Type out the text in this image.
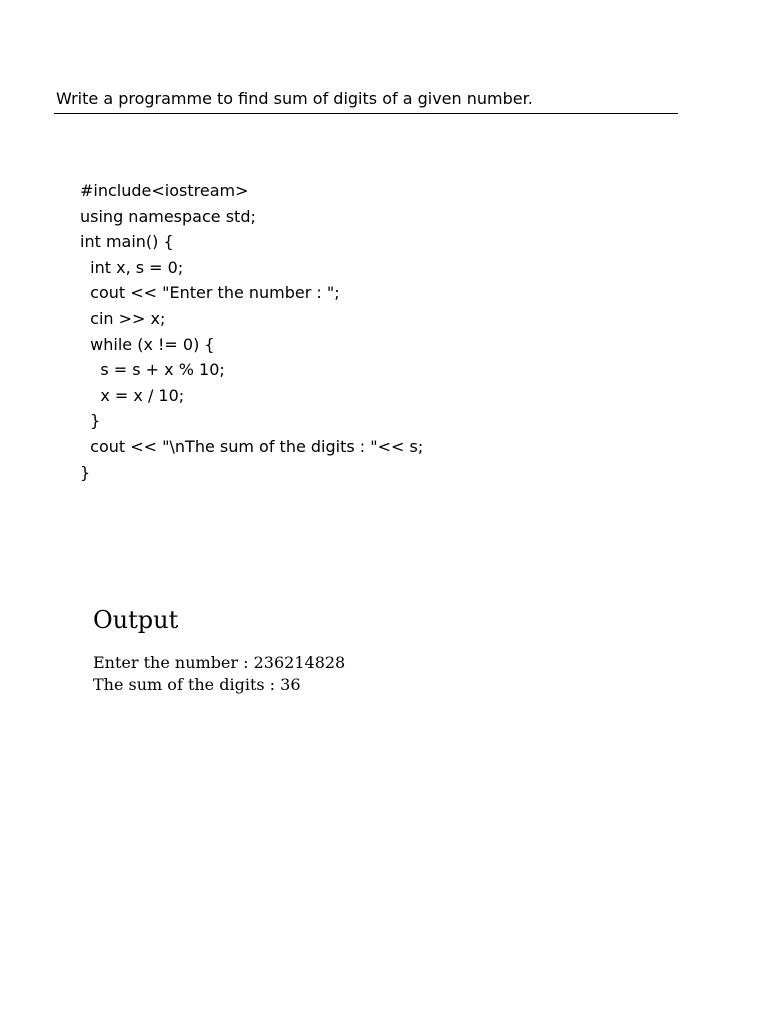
Write a programme to find sum of digits of a given number.
#include<iostream>
using namespace std;
int main() {
int x, s = 0;
cout << "Enter the number : ";
cin >> x;
while (x != 0) {
s = s + x % 10;
x = x / 10;
}
cout << "\nThe sum of the digits : "<< s;
}
Output
Enter the number : 236214828
The sum of the digits : 36
